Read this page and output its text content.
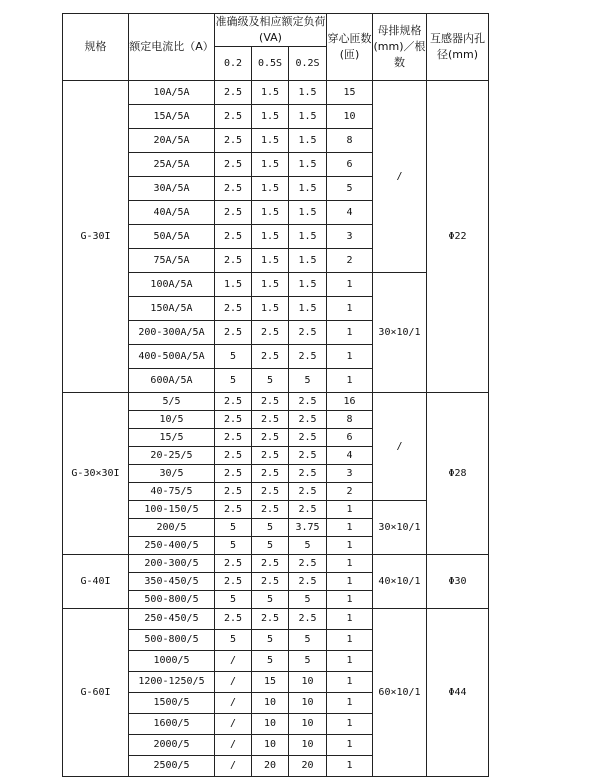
规格	额定电流比（A）	准确级及相应额定负荷(VA)			穿心匝数(匝)	母排规格(mm)／根数	互感器内孔径(mm)
		0.2	0.5S	0.2S			
G-30I	10A/5A	2.5	1.5	1.5	15	/	Φ22
	15A/5A	2.5	1.5	1.5	10		
	20A/5A	2.5	1.5	1.5	8		
	25A/5A	2.5	1.5	1.5	6		
	30A/5A	2.5	1.5	1.5	5		
	40A/5A	2.5	1.5	1.5	4		
	50A/5A	2.5	1.5	1.5	3		
	75A/5A	2.5	1.5	1.5	2		
	100A/5A	1.5	1.5	1.5	1	30×10/1	
	150A/5A	2.5	1.5	1.5	1		
	200-300A/5A	2.5	2.5	2.5	1		
	400-500A/5A	5	2.5	2.5	1		
	600A/5A	5	5	5	1		
G-30×30I	5/5	2.5	2.5	2.5	16	/	Φ28
	10/5	2.5	2.5	2.5	8		
	15/5	2.5	2.5	2.5	6		
	20-25/5	2.5	2.5	2.5	4		
	30/5	2.5	2.5	2.5	3		
	40-75/5	2.5	2.5	2.5	2		
	100-150/5	2.5	2.5	2.5	1	30×10/1	
	200/5	5	5	3.75	1		
	250-400/5	5	5	5	1		
G-40I	200-300/5	2.5	2.5	2.5	1	40×10/1	Φ30
	350-450/5	2.5	2.5	2.5	1		
	500-800/5	5	5	5	1		
G-60I	250-450/5	2.5	2.5	2.5	1	60×10/1	Φ44
	500-800/5	5	5	5	1		
	1000/5	/	5	5	1		
	1200-1250/5	/	15	10	1		
	1500/5	/	10	10	1		
	1600/5	/	10	10	1		
	2000/5	/	10	10	1		
	2500/5	/	20	20	1		
